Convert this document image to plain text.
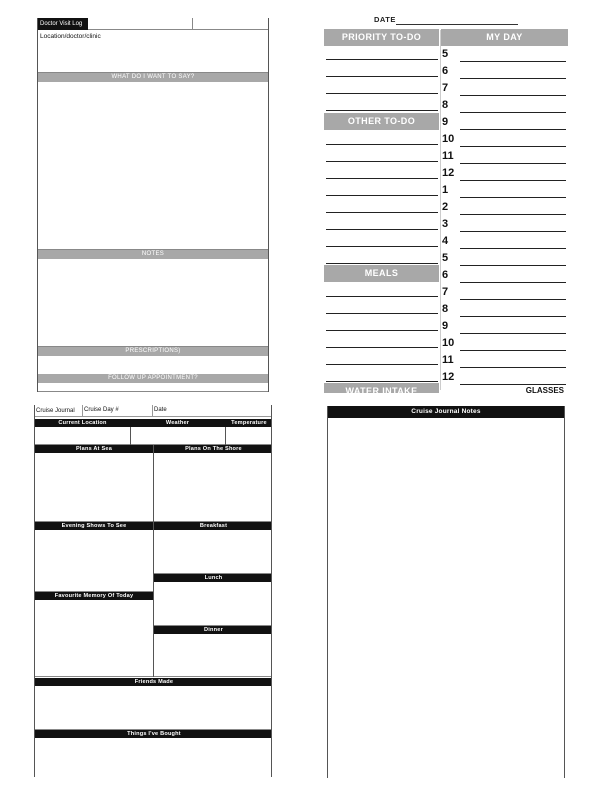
Doctor Visit Log
Location/doctor/clinic
WHAT DO I WANT TO SAY?
NOTES
PRESCRIPTIONS)
FOLLOW UP APPOINTMENT?
DATE
PRIORITY TO-DO	MY DAY
OTHER TO-DO
MEALS
WATER INTAKE	GLASSES
5
6
7
8
9
10
11
12
1
2
3
4
5
6
7
8
9
10
11
12
Cruise Journal	Cruise Day #	Date
Current Location	Weather	Temperature
Plans At Sea	Plans On The Shore
Evening Shows To See	Breakfast
Lunch
Favourite Memory Of Today
Dinner
Friends Made
Things I've Bought
Cruise Journal Notes
